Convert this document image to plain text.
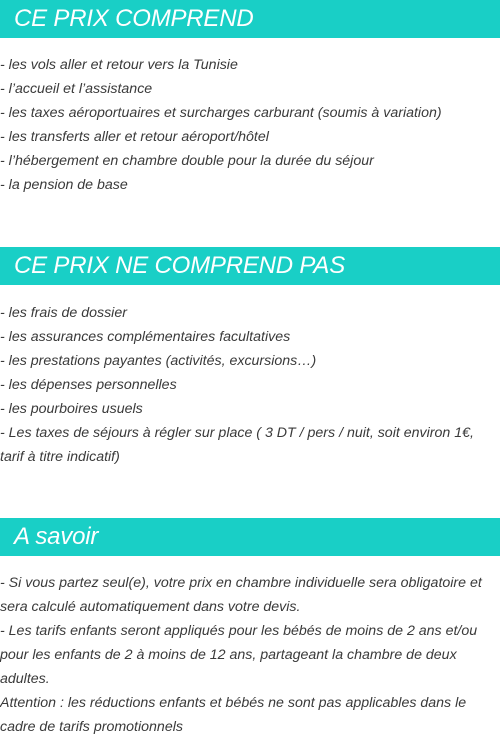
CE PRIX COMPREND
- les vols aller et retour vers la Tunisie
- l’accueil et l’assistance
- les taxes aéroportuaires et surcharges carburant (soumis à variation)
- les transferts aller et retour aéroport/hôtel
- l’hébergement en chambre double pour la durée du séjour
- la pension de base
CE PRIX NE COMPREND PAS
- les frais de dossier
- les assurances complémentaires facultatives
- les prestations payantes (activités, excursions…)
- les dépenses personnelles
- les pourboires usuels
- Les taxes de séjours à régler sur place ( 3 DT / pers / nuit, soit environ 1€, tarif à titre indicatif)
A savoir

- Si vous partez seul(e), votre prix en chambre individuelle sera obligatoire et sera calculé automatiquement dans votre devis.

- Les tarifs enfants seront appliqués pour les bébés de moins de 2 ans et/ou pour les enfants de 2 à moins de 12 ans, partageant la chambre de deux adultes.

Attention : les réductions enfants et bébés ne sont pas applicables dans le cadre de tarifs promotionnels
